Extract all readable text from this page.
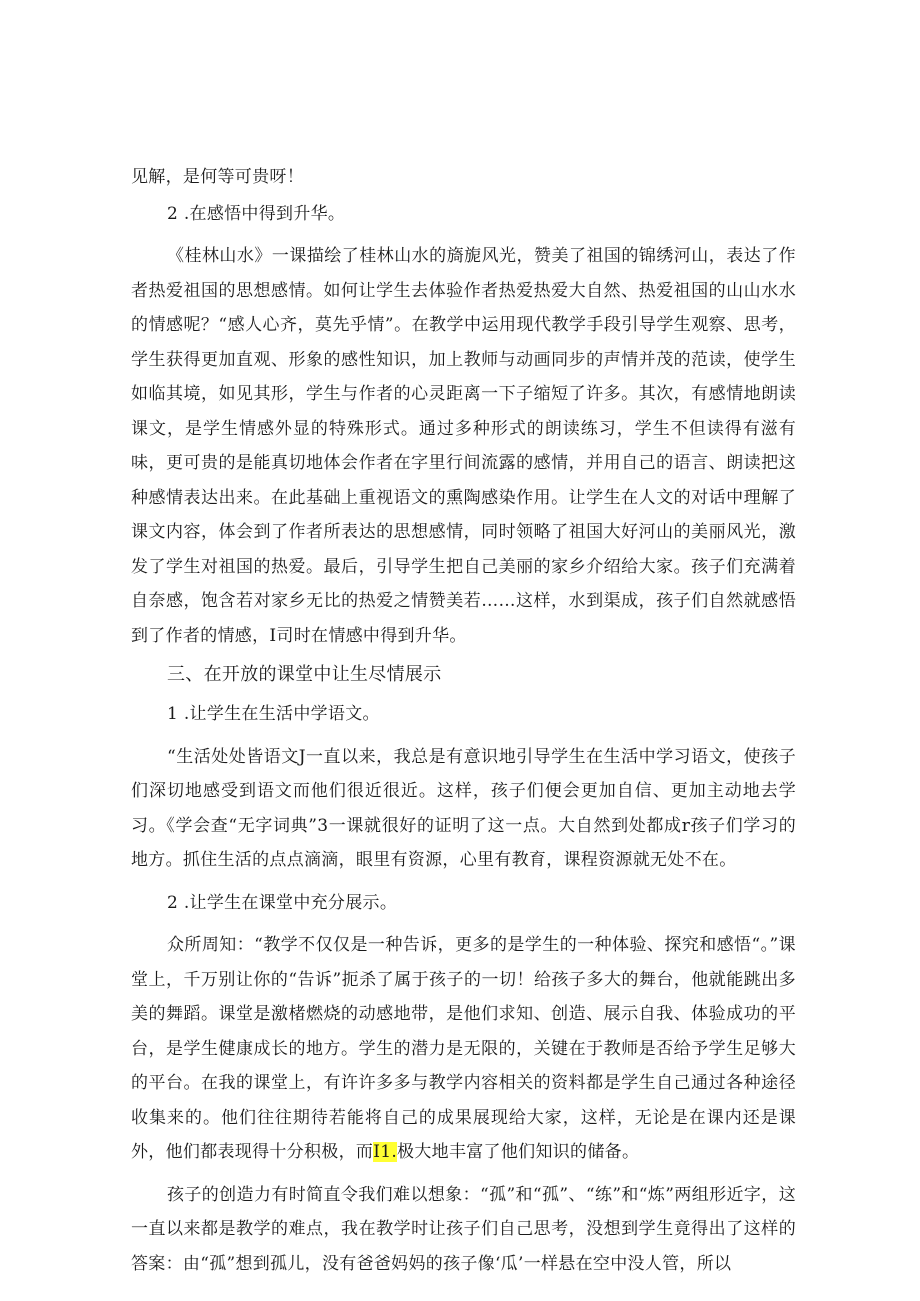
见解，是何等可贵呀！

2 .在感悟中得到升华。

《桂林山水》一课描绘了桂林山水的旖旎风光，赞美了祖国的锦绣河山，表达了作者热爱祖国的思想感情。如何让学生去体验作者热爱热爱大自然、热爱祖国的山山水水的情感呢？“感人心齐，莫先乎情”。在教学中运用现代教学手段引导学生观察、思考，学生获得更加直观、形象的感性知识，加上教师与动画同步的声情并茂的范读，使学生如临其境，如见其形，学生与作者的心灵距离一下子缩短了许多。其次，有感情地朗读课文，是学生情感外显的特殊形式。通过多种形式的朗读练习，学生不但读得有滋有味，更可贵的是能真切地体会作者在字里行间流露的感情，并用自己的语言、朗读把这种感情表达出来。在此基础上重视语文的熏陶感染作用。让学生在人文的对话中理解了课文内容，体会到了作者所表达的思想感情，同时领略了祖国大好河山的美丽风光，激发了学生对祖国的热爱。最后，引导学生把自己美丽的家乡介绍给大家。孩子们充满着自奈感，饱含若对家乡无比的热爱之情赞美若……这样，水到渠成，孩子们自然就感悟到了作者的情感，I司时在情感中得到升华。

三、在开放的课堂中让生尽情展示

1 .让学生在生活中学语文。

“生活处处皆语文J一直以来，我总是有意识地引导学生在生活中学习语文，使孩子们深切地感受到语文而他们很近很近。这样，孩子们便会更加自信、更加主动地去学习。《学会查“无字词典”3一课就很好的证明了这一点。大自然到处都成r孩子们学习的地方。抓住生活的点点滴滴，眼里有资源，心里有教育，课程资源就无处不在。

2 .让学生在课堂中充分展示。

众所周知：“教学不仅仅是一种告诉，更多的是学生的一种体验、探究和感悟“。”课堂上，千万别让你的“告诉”扼杀了属于孩子的一切！给孩子多大的舞台，他就能跳出多美的舞蹈。课堂是激楮燃烧的动感地带，是他们求知、创造、展示自我、体验成功的平台，是学生健康成长的地方。学生的潜力是无限的，关键在于教师是否给予学生足够大的平台。在我的课堂上，有许许多多与教学内容相关的资料都是学生自己通过各种途径收集来的。他们往往期待若能将自己的成果展现给大家，这样，无论是在课内还是课外，他们都表现得十分积极，而I1.极大地丰富了他们知识的储备。

孩子的创造力有时简直令我们难以想象：“孤”和“孤”、“练”和“炼”两组形近字，这一直以来都是教学的难点，我在教学时让孩子们自己思考，没想到学生竟得出了这样的答案：由“孤”想到孤儿，没有爸爸妈妈的孩子像‘瓜’一样悬在空中没人管，所以
